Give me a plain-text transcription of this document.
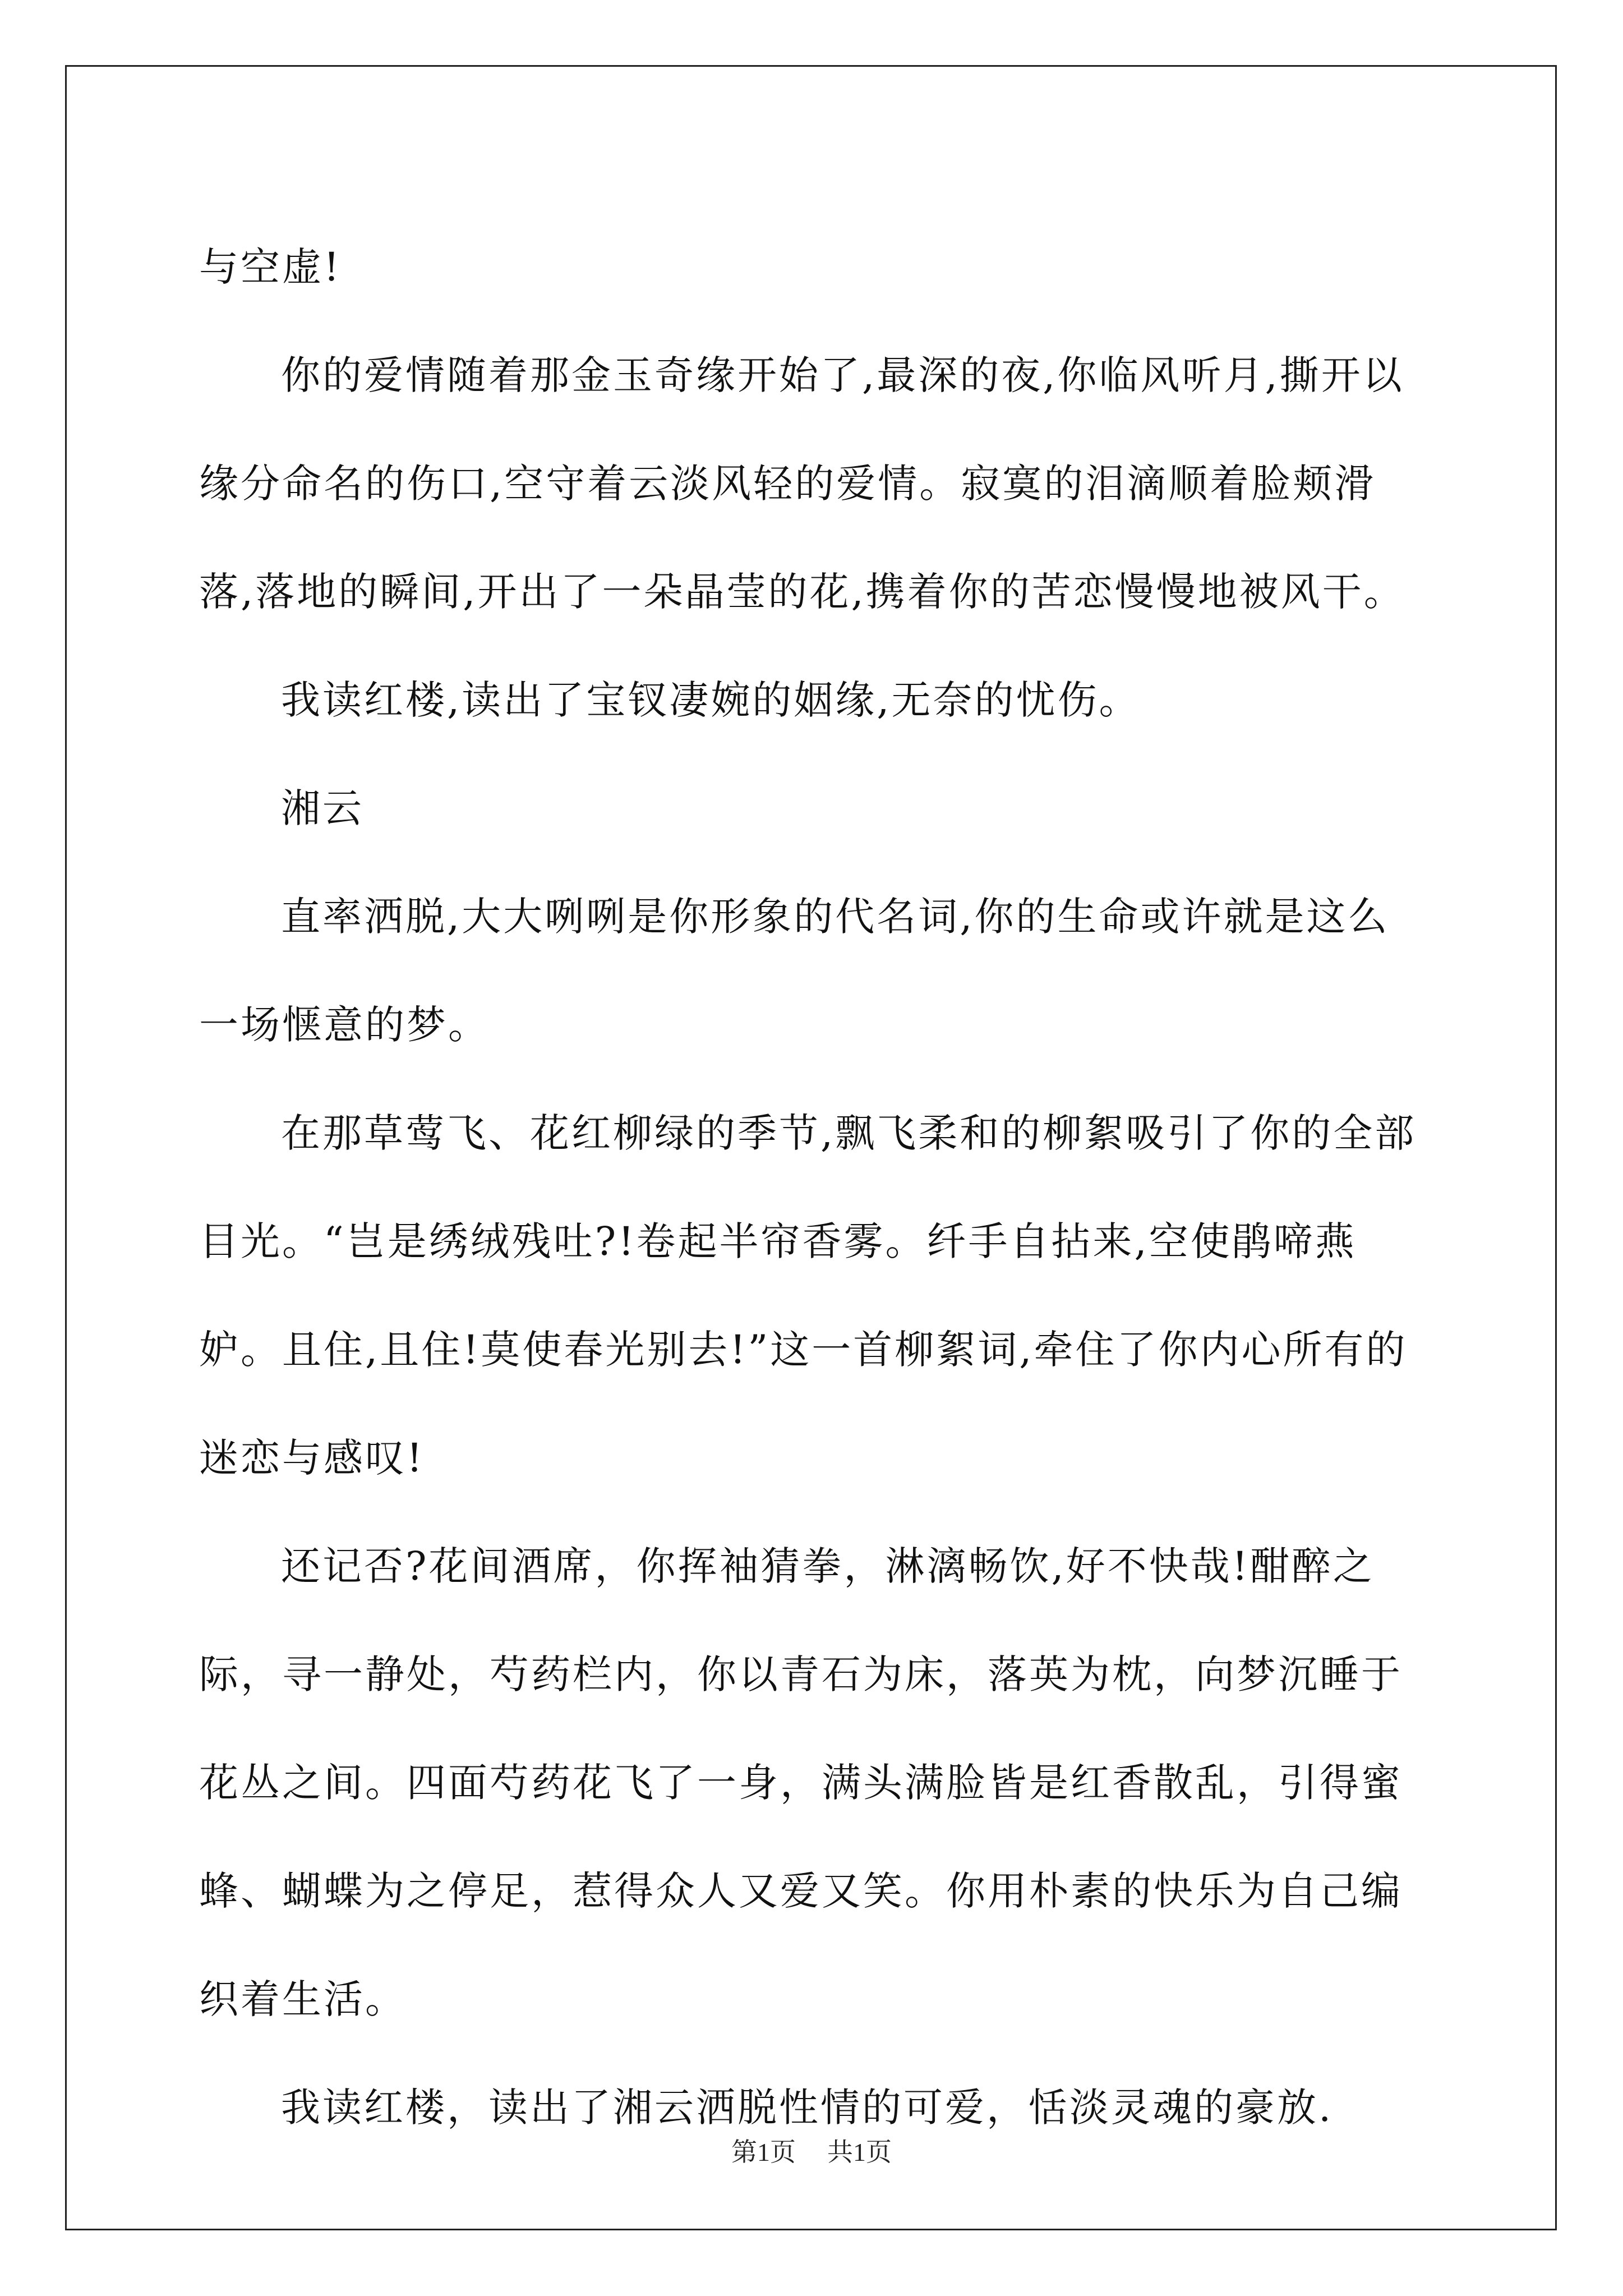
与空虚!

你的爱情随着那金玉奇缘开始了,最深的夜,你临风听月,撕开以缘分命名的伤口,空守着云淡风轻的爱情。寂寞的泪滴顺着脸颊滑落,落地的瞬间,开出了一朵晶莹的花,携着你的苦恋慢慢地被风干。

我读红楼,读出了宝钗凄婉的姻缘,无奈的忧伤。

湘云

直率洒脱,大大咧咧是你形象的代名词,你的生命或许就是这么一场惬意的梦。

在那草莺飞、花红柳绿的季节,飘飞柔和的柳絮吸引了你的全部目光。“岂是绣绒残吐?!卷起半帘香雾。纤手自拈来,空使鹃啼燕妒。且住,且住!莫使春光别去!”这一首柳絮词,牵住了你内心所有的迷恋与感叹!

还记否?花间酒席，你挥袖猜拳，淋漓畅饮,好不快哉!酣醉之际，寻一静处，芍药栏内，你以青石为床，落英为枕，向梦沉睡于花丛之间。四面芍药花飞了一身，满头满脸皆是红香散乱，引得蜜蜂、蝴蝶为之停足，惹得众人又爱又笑。你用朴素的快乐为自己编织着生活。

我读红楼，读出了湘云洒脱性情的可爱，恬淡灵魂的豪放.

第1页 共1页
